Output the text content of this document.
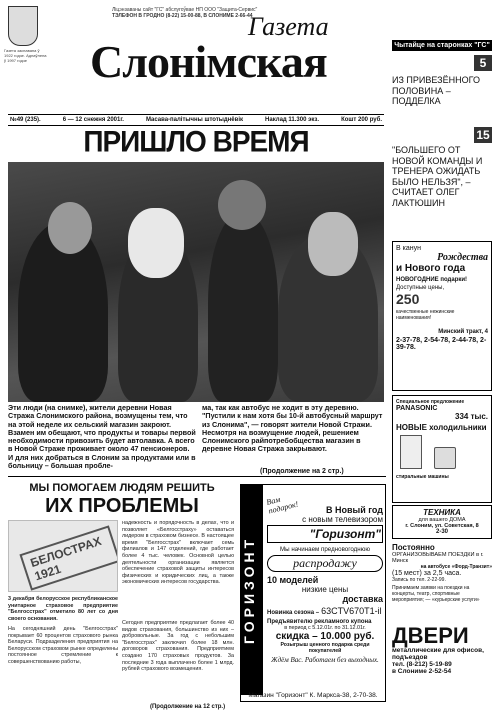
Газета заснавана ў 1922 годзе. Аднаўлена ў 1997 годзе
Ліцэнзаваны сайт "ГС" абслугоўвае НП ООО "Защита-Сервис"
ТЭЛЕФОН В ГРОДНО (8-22) 15-00-88, В СЛОНИМЕ 2-66-44
Газета
Слонімская
№49 (235).	6 — 12 снежня 2001г.	Масава-палітычны штотыднёвік	Наклад 11.300 экз.	Кошт 200 руб.
ПРИШЛО ВРЕМЯ
Эти люди (на снимке), жители деревни Новая Стража Слонимского района, возмущены тем, что на этой неделе их сельский магазин закроют. Взамен им обещают, что продукты и товары первой необходимости привозить будет автолавка. А всего в Новой Страже проживает около 47 пенсионеров. И для них добраться в Слоним за продуктами или в больницу – большая пробле-
ма, так как автобус не ходит в эту деревню. "Пустили к нам хотя бы 10-й автобусный маршрут из Слонима", — говорят жители Новой Стражи. Несмотря на возмущение людей, решением Слонимского райпотребобщества магазин в деревне Новая Стража закрывают.
(Продолжение на 2 стр.)
МЫ ПОМОГАЕМ ЛЮДЯМ РЕШИТЬ
ИХ ПРОБЛЕМЫ
БЕЛОСТРАХ 1921
3 декабря белорусское республиканское унитарное страховое предприятие "Белгосстрах" отметило 80 лет со дня своего основания.
На сегодняшний день "Белгосстрах" покрывает 60 процентов страхового рынка Беларуси. Подразделения предприятия на Белорусском страховом рынке определены постоянное стремление к совершенствованию работы,
надежность и порядочность в делах, что и позволяет «Белгосстраху» оставаться лидером в страховом бизнесе. В настоящее время "Белгосстрах" включает семь филиалов и 147 отделений, где работает более 4 тыс. человек. Основной целью деятельности организации является обеспечение страховой защиты интересов физических и юридических лиц, а также экономических интересов государства.
Сегодня предприятие предлагает более 40 видов страхования, большинство из них – добровольные. За год с небольшим "Белгосстрах" заключил более 18 млн. договоров страхования. Предприятием создано 170 страховых продуктов. За последние 3 года выплачено более 1 млрд. рублей страхового возмещения.
(Продолжение на 12 стр.)
ГОРИЗОНТ
Вам подарок!	В Новый год
с новым телевизором
"Горизонт"
Мы начинаем предновогоднюю
распродажу
10 моделей
низкие цены
доставка
Новинка сезона – 63CTV670T1-il
Предъявителю рекламного купона
в период с 5.12.01г. по 31.12.01г.
скидка – 10.000 руб.
Розыгрыш ценного подарка среди покупателей
Ждём Вас. Работаем без выходных.
Магазин "Горизонт" К. Маркса-38, 2-70-38.
Чытайце на старонках "ГС"
5
ИЗ ПРИВЕЗЁННОГО ПОЛОВИНА – ПОДДЕЛКА
15
"БОЛЬШЕГО ОТ НОВОЙ КОМАНДЫ И ТРЕНЕРА ОЖИДАТЬ БЫЛО НЕЛЬЗЯ", – СЧИТАЕТ ОЛЕГ ЛАКТЮШИН
В канун
Рождества
и Нового года
НОВОГОДНИЕ подарки!
Доступные цены,
250
качественные нежинские наименования!
Минский тракт, 4
2-37-78, 2-54-78, 2-44-78, 2-39-78.
Специальное предложение
PANASONIC
334 тыс.
НОВЫЕ холодильники

стиральные машины
ТЕХНИКА
для вашего ДОМА
г. Слоним, ул. Советская, 8
2-30
Постоянно
ОРГАНИЗОВЫВАЕМ ПОЕЗДКИ в г. Минск
на автобусе «Форд-Транзит»
(15 мест) за 2,5 часа.
Запись по тел. 2-22-99.
Принимаем заявки на поездки на концерты, театр, спортивные мероприятия; — «курьерские услуги»
ДВЕРИ
металлические для офисов, подъездов
тел. (8-212) 5-19-89
в Слониме 2-52-54
